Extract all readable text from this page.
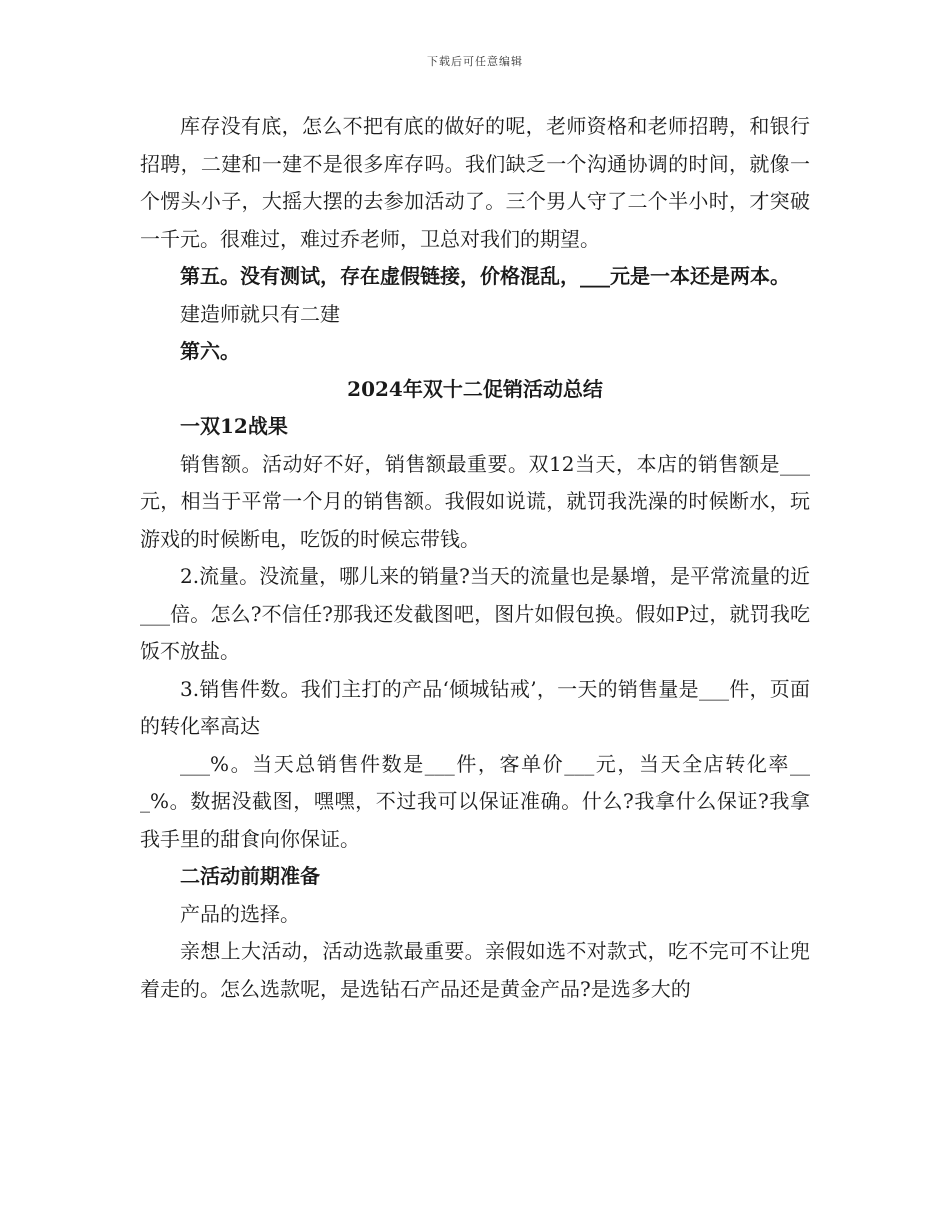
下载后可任意编辑

库存没有底，怎么不把有底的做好的呢，老师资格和老师招聘，和银行招聘，二建和一建不是很多库存吗。我们缺乏一个沟通协调的时间，就像一个愣头小子，大摇大摆的去参加活动了。三个男人守了二个半小时，才突破一千元。很难过，难过乔老师，卫总对我们的期望。

第五。没有测试，存在虚假链接，价格混乱，___元是一本还是两本。

建造师就只有二建

第六。

2024年双十二促销活动总结

一双12战果

销售额。活动好不好，销售额最重要。双12当天，本店的销售额是___元，相当于平常一个月的销售额。我假如说谎，就罚我洗澡的时候断水，玩游戏的时候断电，吃饭的时候忘带钱。

2.流量。没流量，哪儿来的销量?当天的流量也是暴增，是平常流量的近___倍。怎么?不信任?那我还发截图吧，图片如假包换。假如P过，就罚我吃饭不放盐。

3.销售件数。我们主打的产品‘倾城钻戒’，一天的销售量是___件，页面的转化率高达

___%。当天总销售件数是___件，客单价___元，当天全店转化率___%。数据没截图，嘿嘿，不过我可以保证准确。什么?我拿什么保证?我拿我手里的甜食向你保证。

二活动前期准备

产品的选择。

亲想上大活动，活动选款最重要。亲假如选不对款式，吃不完可不让兜着走的。怎么选款呢，是选钻石产品还是黄金产品?是选多大的
